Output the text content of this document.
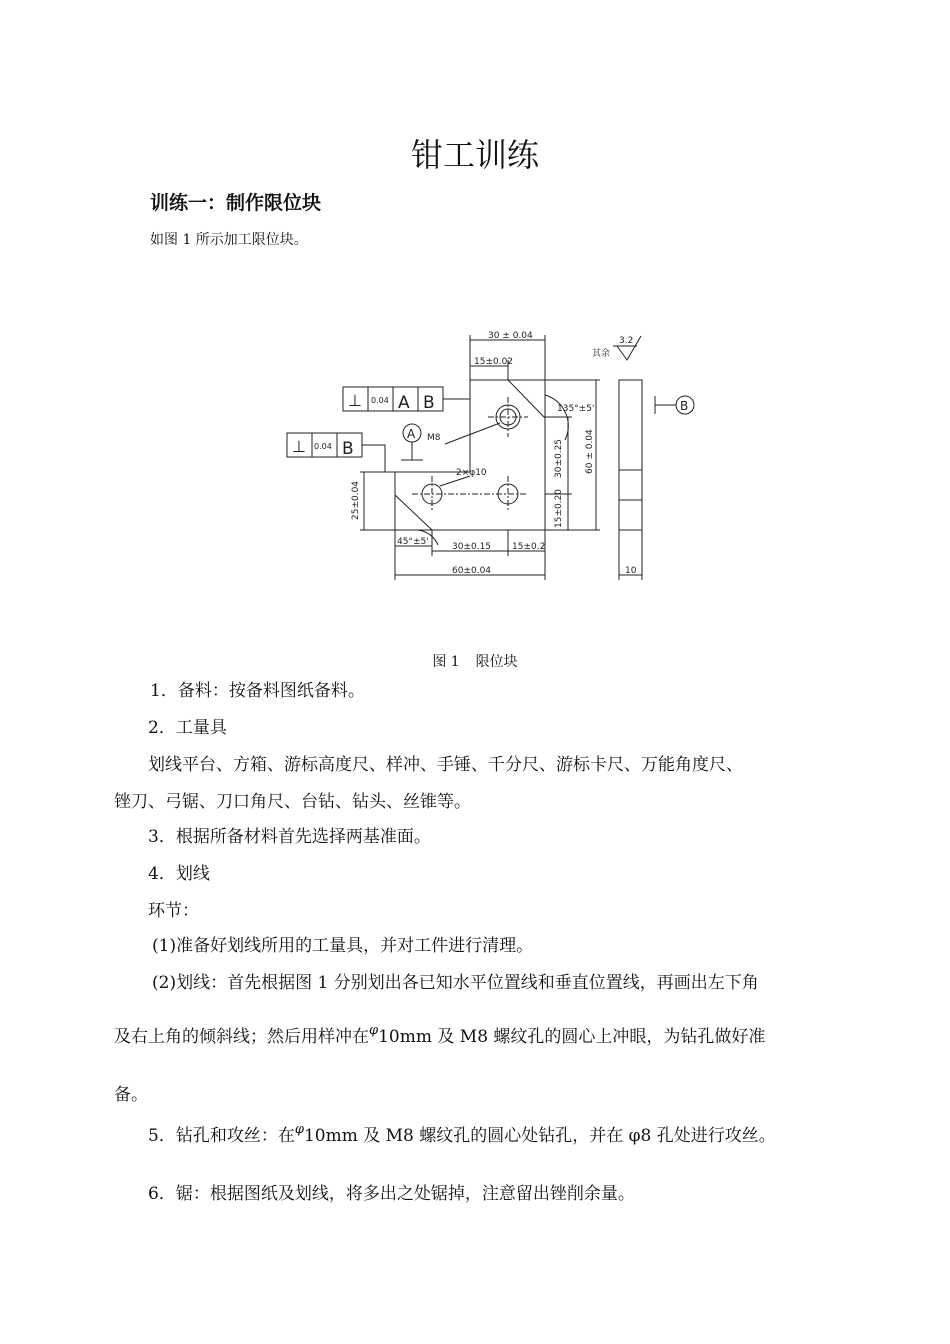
钳工训练
训练一：制作限位块
如图 1 所示加工限位块。
30 ± 0.04
15±0.02
135°±5'
M8
2×φ10	30±0.25 60 ± 0.04
15±0.20
25±0.04
45°±5'	30±0.15 15±0.2
60±0.04	10
其余
3.2
⊥ 0.04 A B
⊥ 0.04 B
A
B
图 1 限位块
1．备料：按备料图纸备料。
2．工量具
划线平台、方箱、游标高度尺、样冲、手锤、千分尺、游标卡尺、万能角度尺、
锉刀、弓锯、刀口角尺、台钻、钻头、丝锥等。
3．根据所备材料首先选择两基准面。
4．划线
环节：
(1)准备好划线所用的工量具，并对工件进行清理。
(2)划线：首先根据图 1 分别划出各已知水平位置线和垂直位置线，再画出左下角
及右上角的倾斜线；然后用样冲在$^\varphi$10mm 及 M8 螺纹孔的圆心上冲眼，为钻孔做好准
备。
5．钻孔和攻丝：在$^\varphi$10mm 及 M8 螺纹孔的圆心处钻孔，并在 φ8 孔处进行攻丝。
6．锯：根据图纸及划线，将多出之处锯掉，注意留出锉削余量。
